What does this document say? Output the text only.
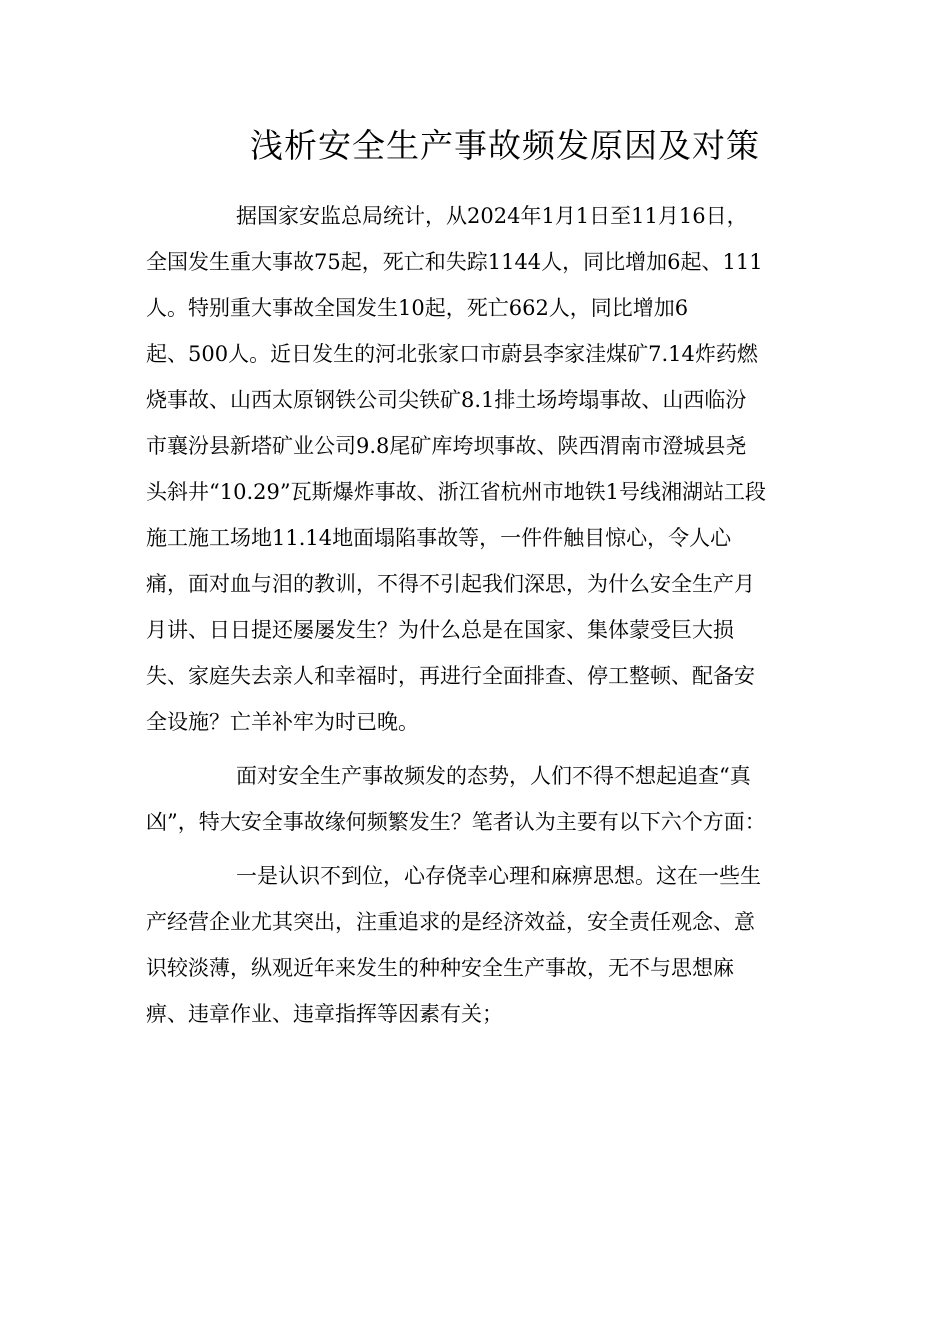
浅析安全生产事故频发原因及对策

据国家安监总局统计，从2024年1月1日至11月16日，
全国发生重大事故75起，死亡和失踪1144人，同比增加6起、111
人。特别重大事故全国发生10起，死亡662人，同比增加6
起、500人。近日发生的河北张家口市蔚县李家洼煤矿7.14炸药燃
烧事故、山西太原钢铁公司尖铁矿8.1排土场垮塌事故、山西临汾
市襄汾县新塔矿业公司9.8尾矿库垮坝事故、陕西渭南市澄城县尧
头斜井“10.29”瓦斯爆炸事故、浙江省杭州市地铁1号线湘湖站工段
施工施工场地11.14地面塌陷事故等，一件件触目惊心，令人心
痛，面对血与泪的教训，不得不引起我们深思，为什么安全生产月
月讲、日日提还屡屡发生？为什么总是在国家、集体蒙受巨大损
失、家庭失去亲人和幸福时，再进行全面排查、停工整顿、配备安
全设施？亡羊补牢为时已晚。

面对安全生产事故频发的态势，人们不得不想起追查“真
凶”，特大安全事故缘何频繁发生？笔者认为主要有以下六个方面：

一是认识不到位，心存侥幸心理和麻痹思想。这在一些生
产经营企业尤其突出，注重追求的是经济效益，安全责任观念、意
识较淡薄，纵观近年来发生的种种安全生产事故，无不与思想麻
痹、违章作业、违章指挥等因素有关；
